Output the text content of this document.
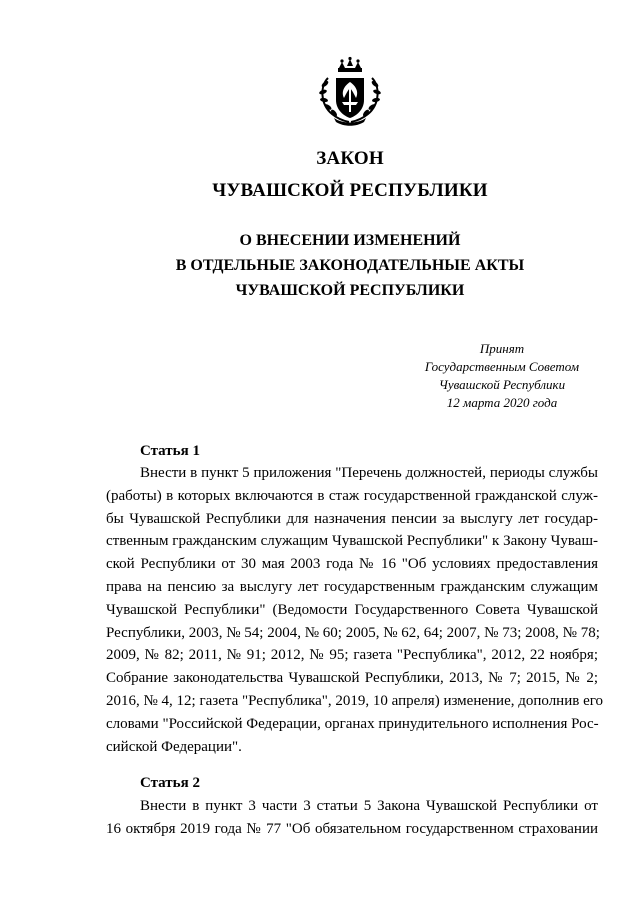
ЗАКОН
ЧУВАШСКОЙ РЕСПУБЛИКИ
О ВНЕСЕНИИ ИЗМЕНЕНИЙ
В ОТДЕЛЬНЫЕ ЗАКОНОДАТЕЛЬНЫЕ АКТЫ
ЧУВАШСКОЙ РЕСПУБЛИКИ
Принят
Государственным Советом
Чувашской Республики
12 марта 2020 года
Статья 1
Внести в пункт 5 приложения "Перечень должностей, периоды службы
(работы) в которых включаются в стаж государственной гражданской служ-
бы Чувашской Республики для назначения пенсии за выслугу лет государ-
ственным гражданским служащим Чувашской Республики" к Закону Чуваш-
ской Республики от 30 мая 2003 года № 16 "Об условиях предоставления
права на пенсию за выслугу лет государственным гражданским служащим
Чувашской Республики" (Ведомости Государственного Совета Чувашской
Республики, 2003, № 54; 2004, № 60; 2005, № 62, 64; 2007, № 73; 2008, № 78;
2009, № 82; 2011, № 91; 2012, № 95; газета "Республика", 2012, 22 ноября;
Собрание законодательства Чувашской Республики, 2013, № 7; 2015, № 2;
2016, № 4, 12; газета "Республика", 2019, 10 апреля) изменение, дополнив его
словами "Российской Федерации, органах принудительного исполнения Рос-
сийской Федерации".
Статья 2
Внести в пункт 3 части 3 статьи 5 Закона Чувашской Республики от
16 октября 2019 года № 77 "Об обязательном государственном страховании
